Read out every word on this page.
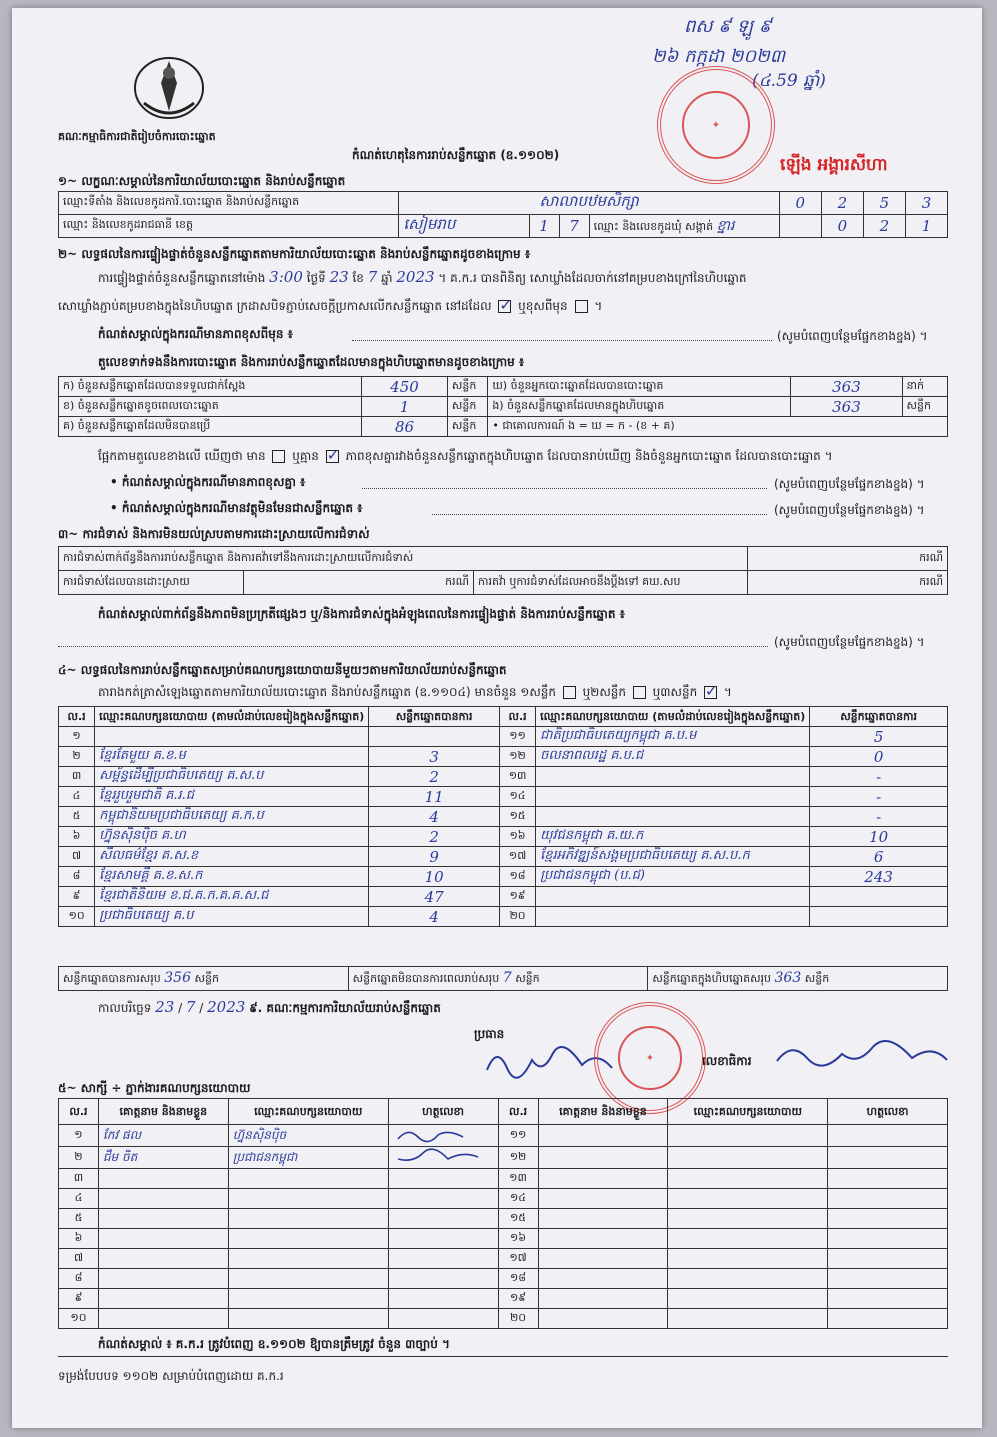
គណៈកម្មាធិការជាតិរៀបចំការបោះឆ្នោត
កំណត់ហេតុនៃការរាប់សន្លឹកឆ្នោត (ឧ.១១០២)
ពស ៩ ឡូ ៩
២៦ កក្កដា ២០២៣
(៤.59 ឆ្នាំ)
✦
ឡើង អង្គារសីហា
១~ លក្ខណៈសម្គាល់នៃការិយាល័យបោះឆ្នោត និងរាប់សន្លឹកឆ្នោត
ឈ្មោះទីតាំង និងលេខកូដការិ.បោះឆ្នោត និងរាប់សន្លឹកឆ្នោត	សាលាបឋមសិក្សា				0	2	5	3
ឈ្មោះ និងលេខកូដរាជធានី ខេត្ត	សៀមរាប	1	7	ឈ្មោះ និងលេខកូដឃុំ សង្កាត់ ខ្នារ		0	2	1
២~ លទ្ធផលនៃការផ្ទៀងផ្ទាត់ចំនួនសន្លឹកឆ្នោតតាមការិយាល័យបោះឆ្នោត និងរាប់សន្លឹកឆ្នោតដូចខាងក្រោម ៖
ការផ្ទៀងផ្ទាត់ចំនួនសន្លឹកឆ្នោតនៅម៉ោង 3:00 ថ្ងៃទី 23 ខែ 7 ឆ្នាំ 2023 ។ គ.ក.រ បានពិនិត្យ សោឃ្លាំងដែលចាក់នៅគម្របខាងក្រៅនៃហិបឆ្នោត
សោឃ្លាំងភ្ជាប់គម្របខាងក្នុងនៃហិបឆ្នោត ក្រដាសបិទភ្ជាប់សេចក្តីប្រកាសលើកសន្លឹកឆ្នោត នៅដដែល ✓ ឬខុសពីមុន  ។
កំណត់សម្គាល់ក្នុងករណីមានភាពខុសពីមុន ៖	(សូមបំពេញបន្ថែមផ្នែកខាងខ្នង) ។
តួលេខទាក់ទងនឹងការបោះឆ្នោត និងការរាប់សន្លឹកឆ្នោតដែលមានក្នុងហិបឆ្នោតមានដូចខាងក្រោម ៖
ក) ចំនួនសន្លឹកឆ្នោតដែលបានទទួលជាក់ស្តែង	450	សន្លឹក	ឃ) ចំនួនអ្នកបោះឆ្នោតដែលបានបោះឆ្នោត	363	នាក់
ខ) ចំនួនសន្លឹកឆ្នោតខូចពេលបោះឆ្នោត	1	សន្លឹក	ង) ចំនួនសន្លឹកឆ្នោតដែលមានក្នុងហិបឆ្នោត	363	សន្លឹក
គ) ចំនួនសន្លឹកឆ្នោតដែលមិនបានប្រើ	86	សន្លឹក	• ជាគោលការណ៍ ង = ឃ = ក - (ខ + គ)		
ផ្អែកតាមតួលេខខាងលើ ឃើញថា មាន ឬគ្មាន ✓ ភាពខុសគ្នារវាងចំនួនសន្លឹកឆ្នោតក្នុងហិបឆ្នោត ដែលបានរាប់ឃើញ និងចំនួនអ្នកបោះឆ្នោត ដែលបានបោះឆ្នោត ។
• កំណត់សម្គាល់ក្នុងករណីមានភាពខុសគ្នា ៖	(សូមបំពេញបន្ថែមផ្នែកខាងខ្នង) ។
• កំណត់សម្គាល់ក្នុងករណីមានវត្ថុមិនមែនជាសន្លឹកឆ្នោត ៖	(សូមបំពេញបន្ថែមផ្នែកខាងខ្នង) ។
៣~ ការជំទាស់ និងការមិនយល់ស្របតាមការដោះស្រាយលើការជំទាស់
ការជំទាស់ពាក់ព័ន្ធនឹងការរាប់សន្លឹកឆ្នោត និងការតវ៉ាទៅនឹងការដោះស្រាយលើការជំទាស់			ករណី
ការជំទាស់ដែលបានដោះស្រាយ	ករណី	ការតវ៉ា ឬការជំទាស់ដែលអាចនឹងប្តឹងទៅ គឃ.សប	ករណី
កំណត់សម្គាល់ពាក់ព័ន្ធនឹងភាពមិនប្រក្រតីផ្សេងៗ ឬ/និងការជំទាស់ក្នុងអំឡុងពេលនៃការផ្ទៀងផ្ទាត់ និងការរាប់សន្លឹកឆ្នោត ៖
(សូមបំពេញបន្ថែមផ្នែកខាងខ្នង) ។
៤~ លទ្ធផលនៃការរាប់សន្លឹកឆ្នោតសម្រាប់គណបក្សនយោបាយនីមួយៗតាមការិយាល័យរាប់សន្លឹកឆ្នោត
តារាងកត់ត្រាសំឡេងឆ្នោតតាមការិយាល័យបោះឆ្នោត និងរាប់សន្លឹកឆ្នោត (ឧ.១១០៤) មានចំនួន ១សន្លឹក ឬ២សន្លឹក ឬ៣សន្លឹក ✓ ។
ល.រ	ឈ្មោះគណបក្សនយោបាយ (តាមលំដាប់លេខរៀងក្នុងសន្លឹកឆ្នោត)	សន្លឹកឆ្នោតបានការ	ល.រ	ឈ្មោះគណបក្សនយោបាយ (តាមលំដាប់លេខរៀងក្នុងសន្លឹកឆ្នោត)	សន្លឹកឆ្នោតបានការ
១			១១	ជាតិប្រជាធិបតេយ្យកម្ពុជា គ.ប.ម	5
២	ខ្មែរតែមួយ គ.ខ.ម	3	១២	ចលនាពលរដ្ឋ គ.ប.ជ	0
៣	សម្ព័ន្ធដើម្បីប្រជាធិបតេយ្យ គ.ស.ប	2	១៣		-
៤	ខ្មែររួបរួមជាតិ គ.រ.ជ	11	១៤		-
៥	កម្ពុជានិយមប្រជាធិបតេយ្យ គ.ក.ប	4	១៥		-
៦	ហ្វ៊ុនស៊ិនប៉ិច គ.ហ	2	១៦	យុវជនកម្ពុជា គ.យ.ក	10
៧	សីលធម៌ខ្មែរ គ.ស.ខ	9	១៧	ខ្មែរអភិវឌ្ឍន៍សង្គមប្រជាធិបតេយ្យ គ.ស.ប.ក	6
៨	ខ្មែរសាមគ្គី គ.ខ.ស.ក	10	១៨	ប្រជាជនកម្ពុជា (ប.ជ)	243
៩	ខ្មែរជាតិនិយម ខ.ជ.គ.ក.គ.គ.ស.ជ	47	១៩		
១០	ប្រជាធិបតេយ្យ គ.ប	4	២០		
សន្លឹកឆ្នោតបានការសរុប 356 សន្លឹក	សន្លឹកឆ្នោតមិនបានការពេលរាប់សរុប 7 សន្លឹក	សន្លឹកឆ្នោតក្នុងហិបឆ្នោតសរុប 363 សន្លឹក
កាលបរិច្ឆេទ 23 / 7 / 2023 ៩. គណៈកម្មការការិយាល័យរាប់សន្លឹកឆ្នោត
ប្រធាន
លេខាធិការ
✦
៥~ សាក្សី ÷ ភ្នាក់ងារគណបក្សនយោបាយ
ល.រ	គោត្តនាម និងនាមខ្លួន	ឈ្មោះគណបក្សនយោបាយ	ហត្ថលេខា	ល.រ	គោត្តនាម និងនាមខ្លួន	ឈ្មោះគណបក្សនយោបាយ	ហត្ថលេខា
១	កែវ ផល	ហ្វ៊ុនស៊ិនប៉ិច		១១			
២	ជឹម ចិត	ប្រជាជនកម្ពុជា		១២			
៣				១៣			
៤				១៤			
៥				១៥			
៦				១៦			
៧				១៧			
៨				១៨			
៩				១៩			
១០				២០			
កំណត់សម្គាល់ ៖ គ.ក.រ ត្រូវបំពេញ ឧ.១១០២ ឱ្យបានត្រឹមត្រូវ ចំនួន ៣ច្បាប់ ។
ទម្រង់បែបបទ ១១០២ សម្រាប់បំពេញដោយ គ.ក.រ
